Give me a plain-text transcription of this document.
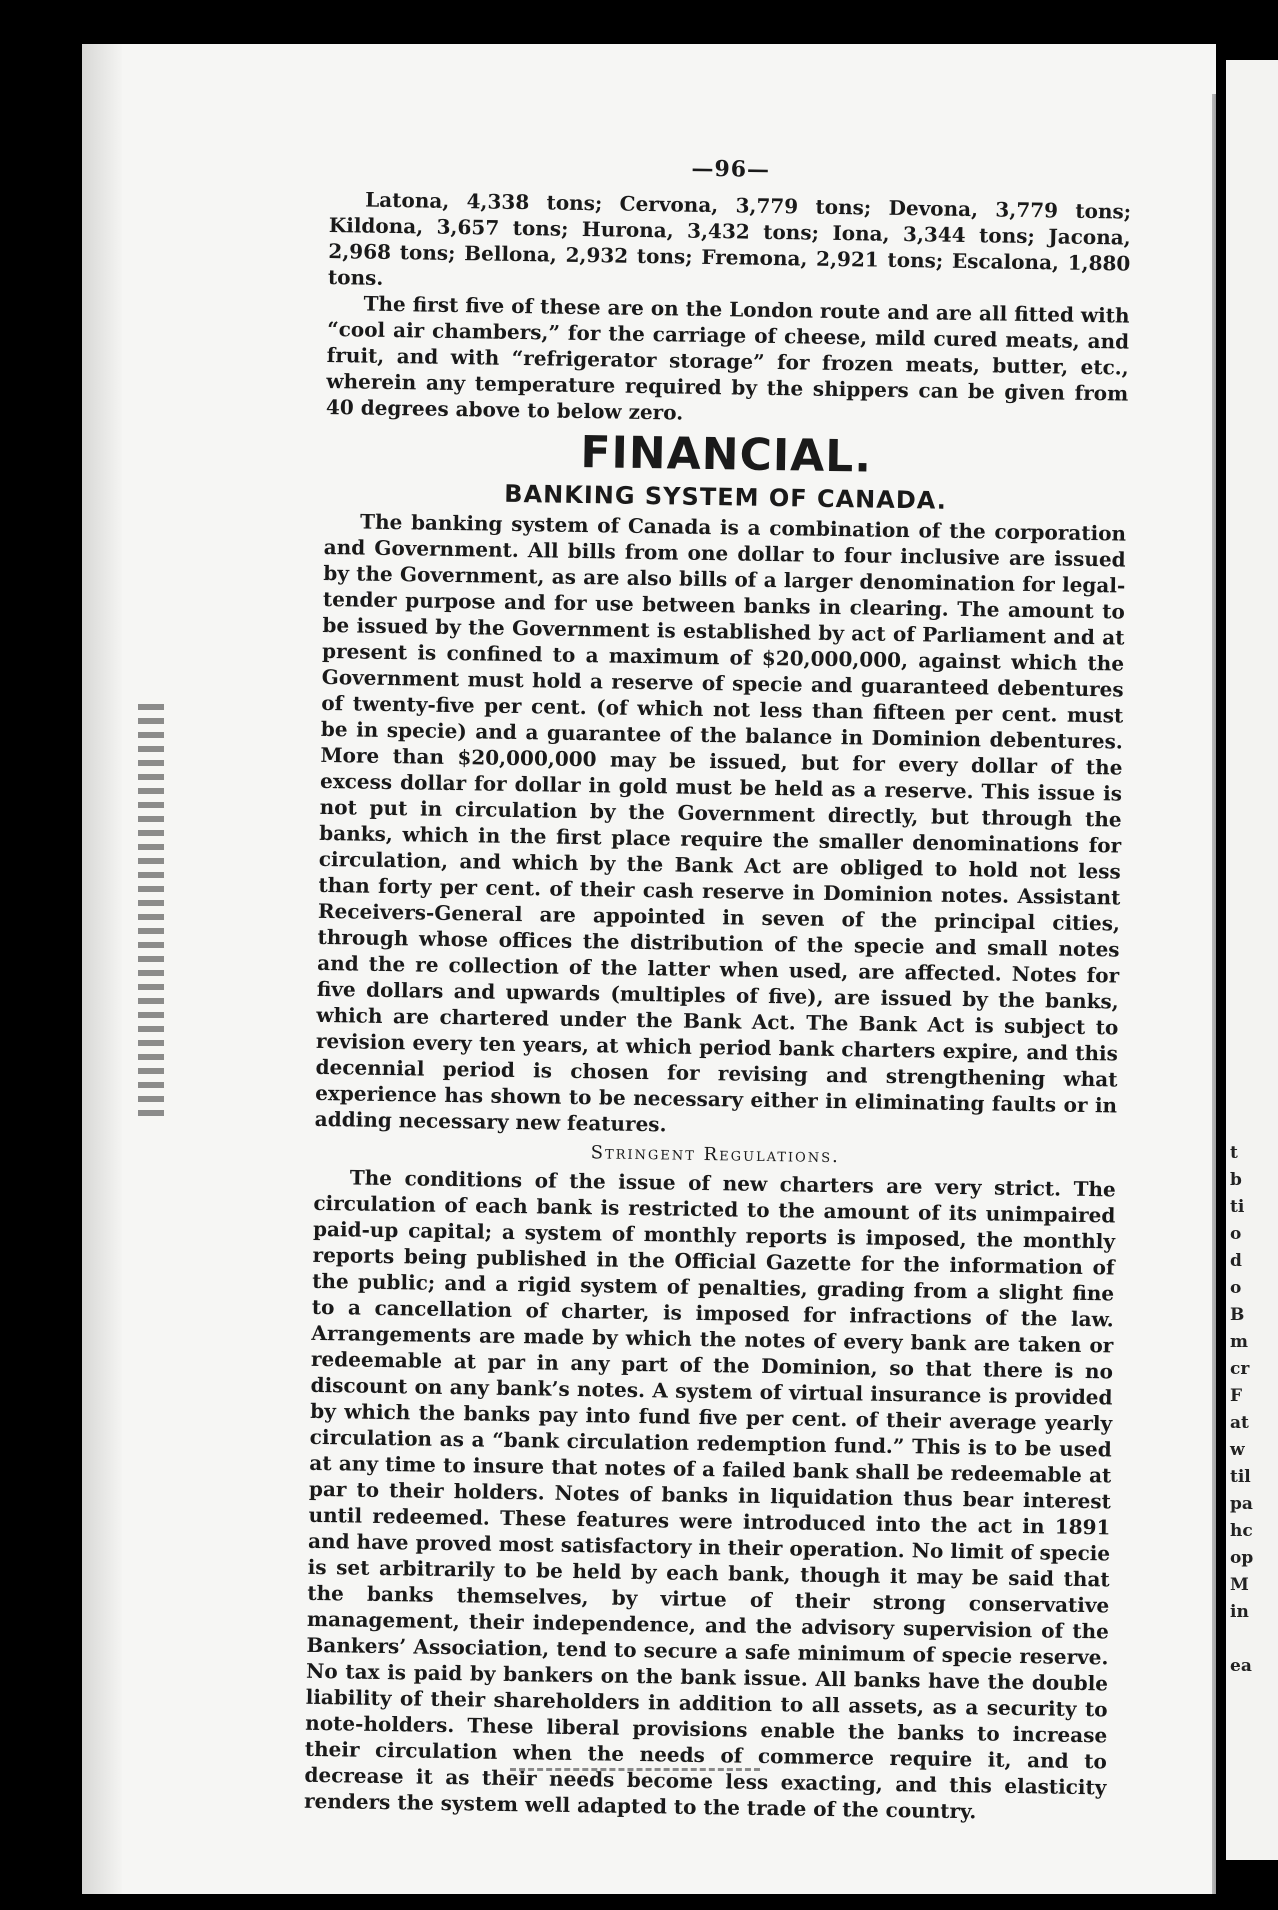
t
b
ti
o
d
o
B
m
cr
F
at
w
til
pa
hc
op
M
in

ea
—96—

Latona, 4,338 tons; Cervona, 3,779 tons; Devona, 3,779 tons; Kildona, 3,657 tons; Hurona, 3,432 tons; Iona, 3,344 tons; Jacona, 2,968 tons; Bellona, 2,932 tons; Fremona, 2,921 tons; Escalona, 1,880 tons.

The first five of these are on the London route and are all fitted with “cool air chambers,” for the carriage of cheese, mild cured meats, and fruit, and with “refrigerator storage” for frozen meats, butter, etc., wherein any temperature required by the shippers can be given from 40 degrees above to below zero.

FINANCIAL.
BANKING SYSTEM OF CANADA.

The banking system of Canada is a combination of the corporation and Government. All bills from one dollar to four inclusive are issued by the Government, as are also bills of a larger denomination for legal-tender purpose and for use between banks in clearing. The amount to be issued by the Government is established by act of Parliament and at present is confined to a maximum of $20,000,000, against which the Government must hold a reserve of specie and guaranteed debentures of twenty-five per cent. (of which not less than fifteen per cent. must be in specie) and a guarantee of the balance in Dominion debentures. More than $20,000,000 may be issued, but for every dollar of the excess dollar for dollar in gold must be held as a reserve. This issue is not put in circulation by the Government directly, but through the banks, which in the first place require the smaller denominations for circulation, and which by the Bank Act are obliged to hold not less than forty per cent. of their cash reserve in Dominion notes. Assistant Receivers-General are appointed in seven of the principal cities, through whose offices the distribution of the specie and small notes and the re collection of the latter when used, are affected. Notes for five dollars and upwards (multiples of five), are issued by the banks, which are chartered under the Bank Act. The Bank Act is subject to revision every ten years, at which period bank charters expire, and this decennial period is chosen for revising and strengthening what experience has shown to be necessary either in eliminating faults or in adding necessary new features.

Stringent Regulations.

The conditions of the issue of new charters are very strict. The circulation of each bank is restricted to the amount of its unimpaired paid-up capital; a system of monthly reports is imposed, the monthly reports being published in the Official Gazette for the information of the public; and a rigid system of penalties, grading from a slight fine to a cancellation of charter, is imposed for infractions of the law. Arrangements are made by which the notes of every bank are taken or redeemable at par in any part of the Dominion, so that there is no discount on any bank’s notes. A system of virtual insurance is provided by which the banks pay into fund five per cent. of their average yearly circulation as a “bank circulation redemption fund.” This is to be used at any time to insure that notes of a failed bank shall be redeemable at par to their holders. Notes of banks in liquidation thus bear interest until redeemed. These features were introduced into the act in 1891 and have proved most satisfactory in their operation. No limit of specie is set arbitrarily to be held by each bank, though it may be said that the banks themselves, by virtue of their strong conservative management, their independence, and the advisory supervision of the Bankers’ Association, tend to secure a safe minimum of specie reserve. No tax is paid by bankers on the bank issue. All banks have the double liability of their shareholders in addition to all assets, as a security to note-holders. These liberal provisions enable the banks to increase their circulation when the needs of commerce require it, and to decrease it as their needs become less exacting, and this elasticity renders the system well adapted to the trade of the country.
